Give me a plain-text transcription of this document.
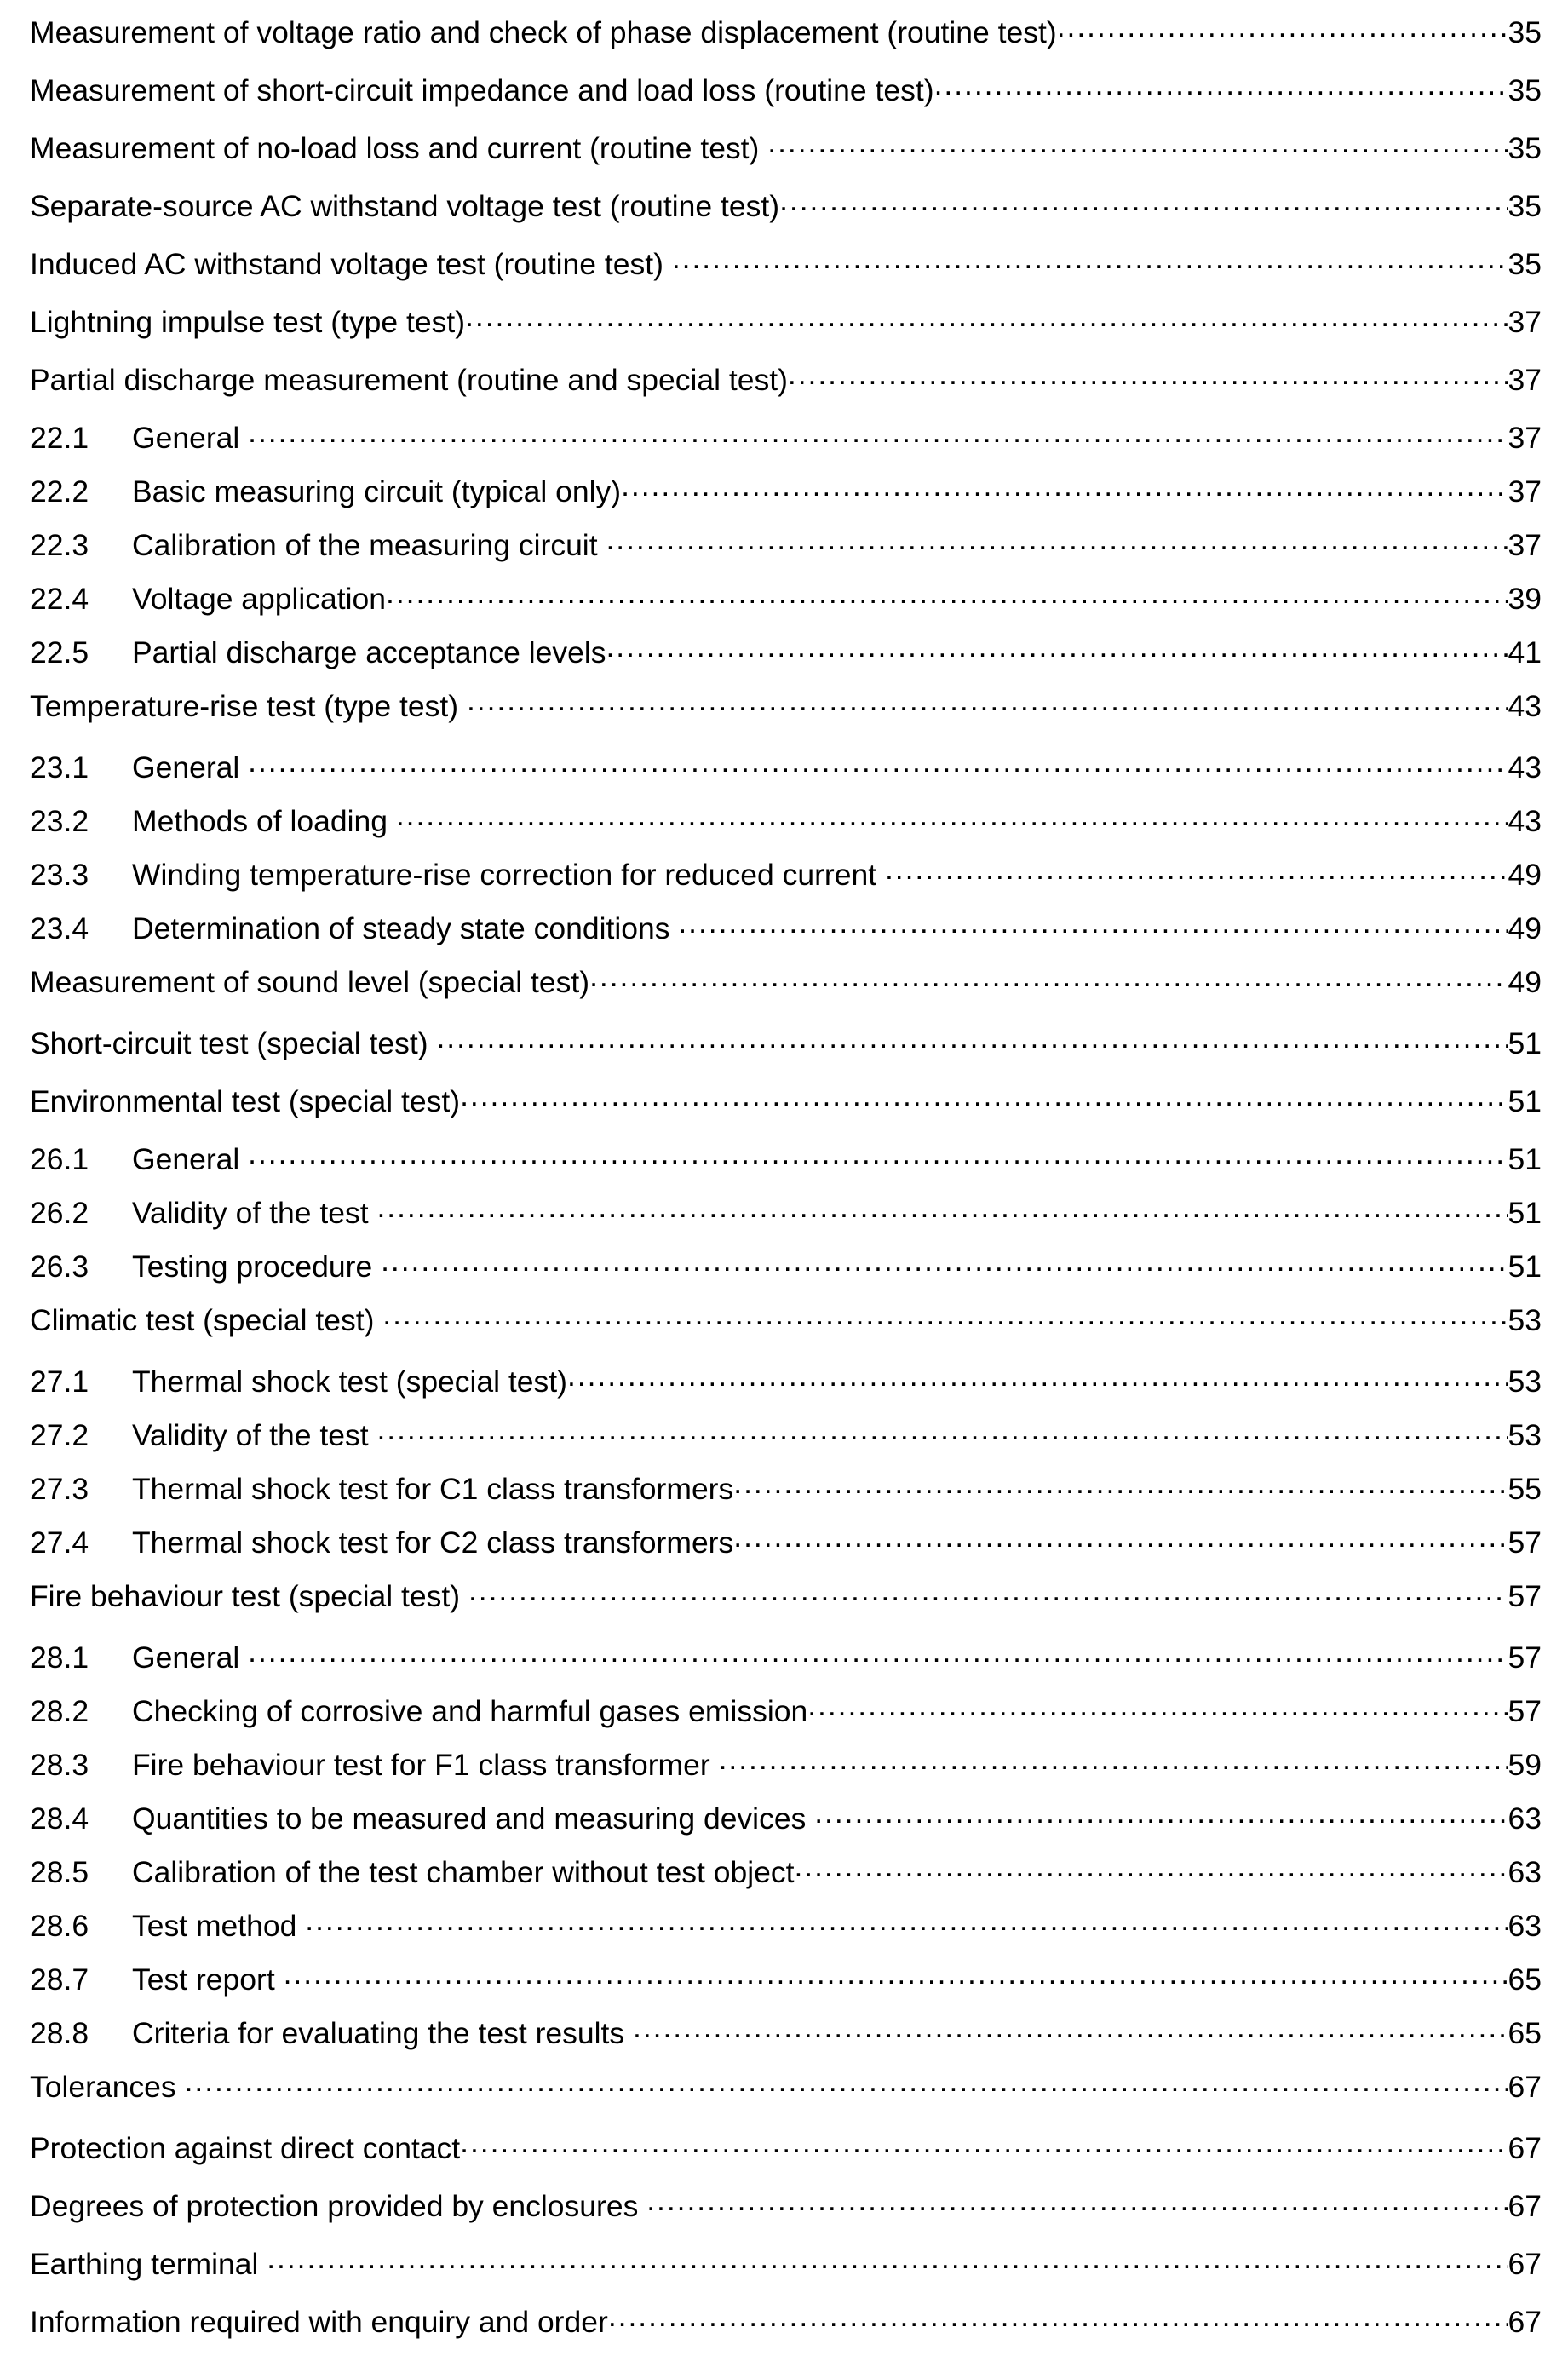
Measurement of voltage ratio and check of phase displacement (routine test) .....	35
Measurement of short-circuit impedance and load loss (routine test) .....	35
Measurement of no-load loss and current (routine test) .....	35
Separate-source AC withstand voltage test (routine test) .....	35
Induced AC withstand voltage test (routine test) .....	35
Lightning impulse test (type test) .....	37
Partial discharge measurement (routine and special test) .....	37
22.1	General .....	37
22.2	Basic measuring circuit (typical only) .....	37
22.3	Calibration of the measuring circuit .....	37
22.4	Voltage application .....	39
22.5	Partial discharge acceptance levels .....	41
Temperature-rise test (type test) .....	43
23.1	General .....	43
23.2	Methods of loading .....	43
23.3	Winding temperature-rise correction for reduced current .....	49
23.4	Determination of steady state conditions .....	49
Measurement of sound level (special test) .....	49
Short-circuit test (special test) .....	51
Environmental test (special test) .....	51
26.1	General .....	51
26.2	Validity of the test .....	51
26.3	Testing procedure .....	51
Climatic test (special test) .....	53
27.1	Thermal shock test (special test) .....	53
27.2	Validity of the test .....	53
27.3	Thermal shock test for C1 class transformers .....	55
27.4	Thermal shock test for C2 class transformers .....	57
Fire behaviour test (special test) .....	57
28.1	General .....	57
28.2	Checking of corrosive and harmful gases emission .....	57
28.3	Fire behaviour test for F1 class transformer .....	59
28.4	Quantities to be measured and measuring devices .....	63
28.5	Calibration of the test chamber without test object .....	63
28.6	Test method .....	63
28.7	Test report .....	65
28.8	Criteria for evaluating the test results .....	65
Tolerances .....	67
Protection against direct contact .....	67
Degrees of protection provided by enclosures .....	67
Earthing terminal .....	67
Information required with enquiry and order .....	67
